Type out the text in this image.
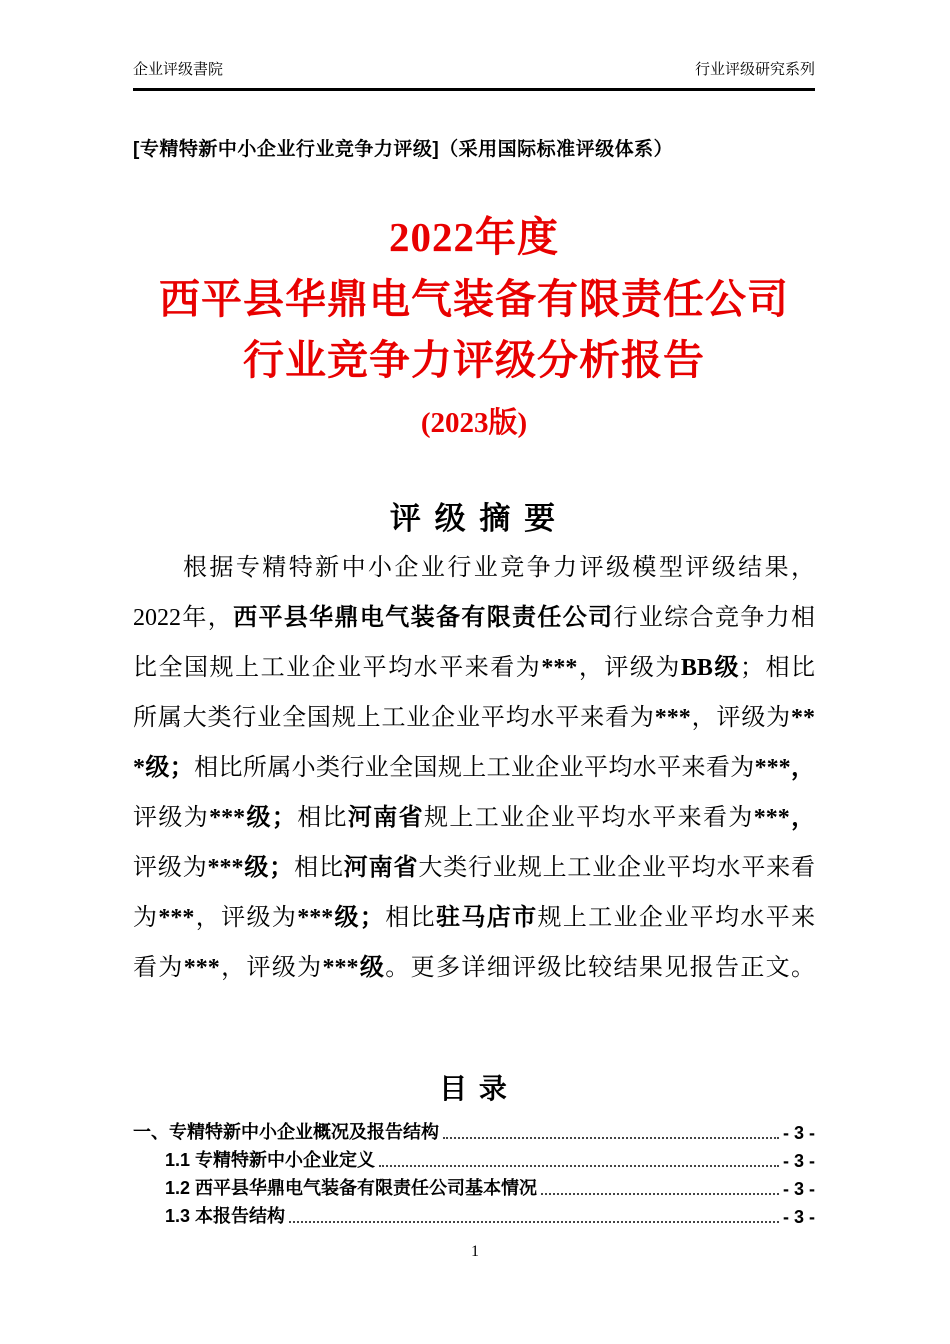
企业评级書院	行业评级研究系列
[专精特新中小企业行业竞争力评级]（采用国际标准评级体系）
2022年度
西平县华鼎电气装备有限责任公司
行业竞争力评级分析报告
(2023版)
评 级 摘 要
根据专精特新中小企业行业竞争力评级模型评级结果，
2022年，西平县华鼎电气装备有限责任公司行业综合竞争力相
比全国规上工业企业平均水平来看为***，评级为BB级；相比
所属大类行业全国规上工业企业平均水平来看为***，评级为**
*级；相比所属小类行业全国规上工业企业平均水平来看为***，
评级为***级；相比河南省规上工业企业平均水平来看为***，
评级为***级；相比河南省大类行业规上工业企业平均水平来看
为***，评级为***级；相比驻马店市规上工业企业平均水平来
看为***，评级为***级。更多详细评级比较结果见报告正文。
目 录
一、专精特新中小企业概况及报告结构	- 3 -
1.1 专精特新中小企业定义	- 3 -
1.2 西平县华鼎电气装备有限责任公司基本情况	- 3 -
1.3 本报告结构	- 3 -
1
